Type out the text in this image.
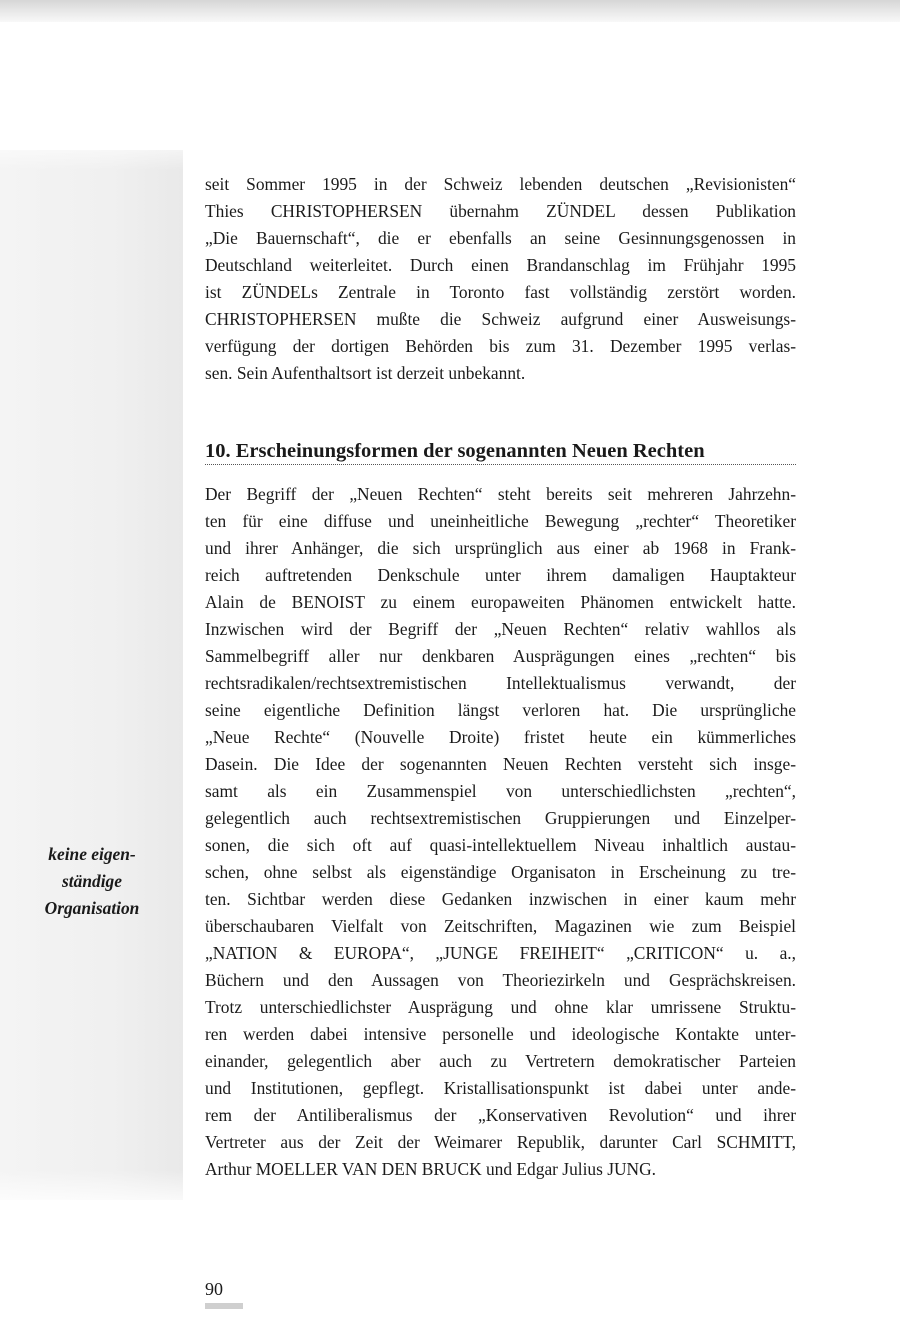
seit Sommer 1995 in der Schweiz lebenden deutschen „Revisionisten“
Thies CHRISTOPHERSEN übernahm ZÜNDEL dessen Publikation
„Die Bauernschaft“, die er ebenfalls an seine Gesinnungsgenossen in
Deutschland weiterleitet. Durch einen Brandanschlag im Frühjahr 1995
ist ZÜNDELs Zentrale in Toronto fast vollständig zerstört worden.
CHRISTOPHERSEN mußte die Schweiz aufgrund einer Ausweisungs-
verfügung der dortigen Behörden bis zum 31. Dezember 1995 verlas-
sen. Sein Aufenthaltsort ist derzeit unbekannt.
10. Erscheinungsformen der sogenannten Neuen Rechten
Der Begriff der „Neuen Rechten“ steht bereits seit mehreren Jahrzehn-
ten für eine diffuse und uneinheitliche Bewegung „rechter“ Theoretiker
und ihrer Anhänger, die sich ursprünglich aus einer ab 1968 in Frank-
reich auftretenden Denkschule unter ihrem damaligen Hauptakteur
Alain de BENOIST zu einem europaweiten Phänomen entwickelt hatte.
Inzwischen wird der Begriff der „Neuen Rechten“ relativ wahllos als
Sammelbegriff aller nur denkbaren Ausprägungen eines „rechten“ bis
rechtsradikalen/rechtsextremistischen Intellektualismus verwandt, der
seine eigentliche Definition längst verloren hat. Die ursprüngliche
„Neue Rechte“ (Nouvelle Droite) fristet heute ein kümmerliches
Dasein. Die Idee der sogenannten Neuen Rechten versteht sich insge-
samt als ein Zusammenspiel von unterschiedlichsten „rechten“,
gelegentlich auch rechtsextremistischen Gruppierungen und Einzelper-
sonen, die sich oft auf quasi-intellektuellem Niveau inhaltlich austau-
schen, ohne selbst als eigenständige Organisaton in Erscheinung zu tre-
ten. Sichtbar werden diese Gedanken inzwischen in einer kaum mehr
überschaubaren Vielfalt von Zeitschriften, Magazinen wie zum Beispiel
„NATION & EUROPA“, „JUNGE FREIHEIT“ „CRITICON“ u. a.,
Büchern und den Aussagen von Theoriezirkeln und Gesprächskreisen.
Trotz unterschiedlichster Ausprägung und ohne klar umrissene Struktu-
ren werden dabei intensive personelle und ideologische Kontakte unter-
einander, gelegentlich aber auch zu Vertretern demokratischer Parteien
und Institutionen, gepflegt. Kristallisationspunkt ist dabei unter ande-
rem der Antiliberalismus der „Konservativen Revolution“ und ihrer
Vertreter aus der Zeit der Weimarer Republik, darunter Carl SCHMITT,
Arthur MOELLER VAN DEN BRUCK und Edgar Julius JUNG.
keine eigen-
ständige
Organisation
90
